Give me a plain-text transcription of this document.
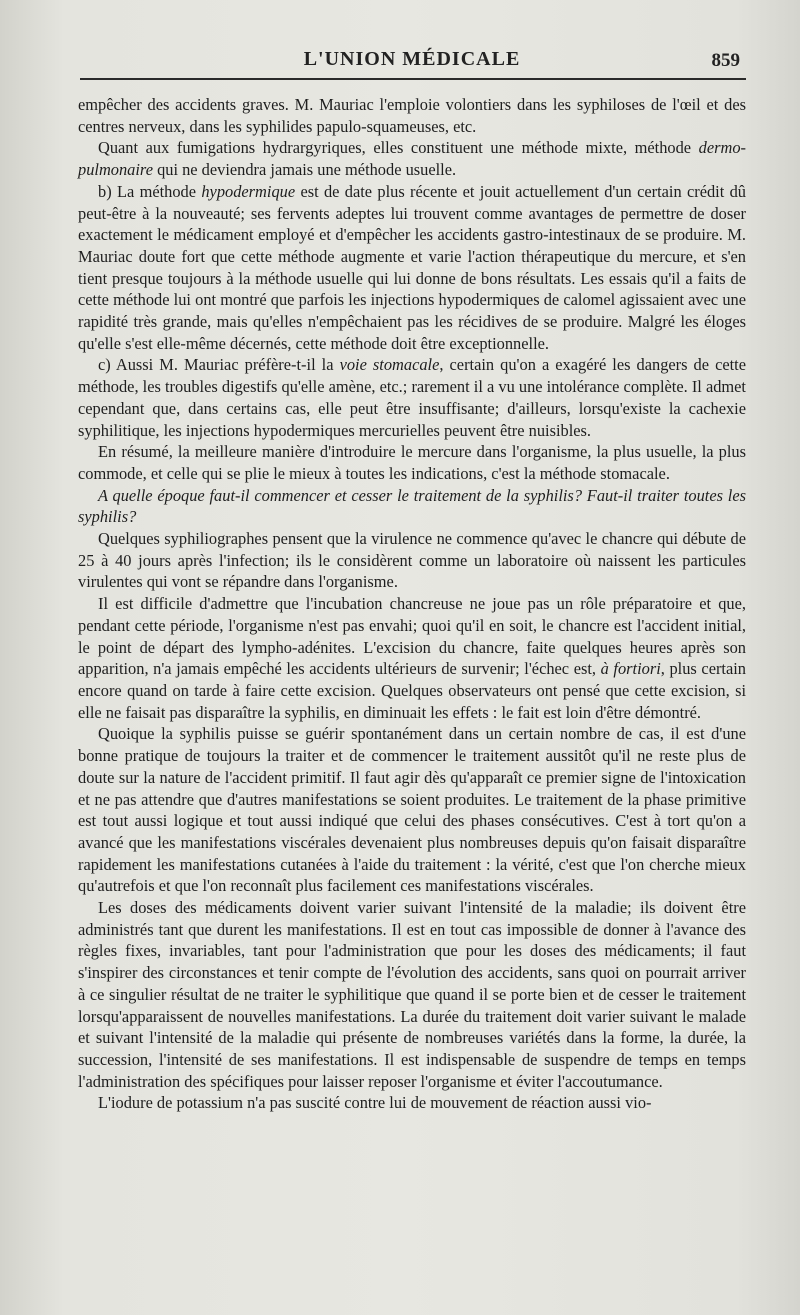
L'UNION MÉDICALE	859

empêcher des accidents graves. M. Mauriac l'emploie volontiers dans les syphiloses de l'œil et des centres nerveux, dans les syphilides papulo-squameuses, etc.

Quant aux fumigations hydrargyriques, elles constituent une méthode mixte, méthode dermo-pulmonaire qui ne deviendra jamais une méthode usuelle.

b) La méthode hypodermique est de date plus récente et jouit actuellement d'un certain crédit dû peut-être à la nouveauté; ses fervents adeptes lui trouvent comme avantages de permettre de doser exactement le médicament employé et d'empêcher les accidents gastro-intestinaux de se produire. M. Mauriac doute fort que cette méthode augmente et varie l'action thérapeutique du mercure, et s'en tient presque toujours à la méthode usuelle qui lui donne de bons résultats. Les essais qu'il a faits de cette méthode lui ont montré que parfois les injections hypodermiques de calomel agissaient avec une rapidité très grande, mais qu'elles n'empêchaient pas les récidives de se produire. Malgré les éloges qu'elle s'est elle-même décernés, cette méthode doit être exceptionnelle.

c) Aussi M. Mauriac préfère-t-il la voie stomacale, certain qu'on a exagéré les dangers de cette méthode, les troubles digestifs qu'elle amène, etc.; rarement il a vu une intolérance complète. Il admet cependant que, dans certains cas, elle peut être insuffisante; d'ailleurs, lorsqu'existe la cachexie syphilitique, les injections hypodermiques mercurielles peuvent être nuisibles.

En résumé, la meilleure manière d'introduire le mercure dans l'organisme, la plus usuelle, la plus commode, et celle qui se plie le mieux à toutes les indications, c'est la méthode stomacale.

A quelle époque faut-il commencer et cesser le traitement de la syphilis? Faut-il traiter toutes les syphilis?

Quelques syphiliographes pensent que la virulence ne commence qu'avec le chancre qui débute de 25 à 40 jours après l'infection; ils le considèrent comme un laboratoire où naissent les particules virulentes qui vont se répandre dans l'organisme.

Il est difficile d'admettre que l'incubation chancreuse ne joue pas un rôle préparatoire et que, pendant cette période, l'organisme n'est pas envahi; quoi qu'il en soit, le chancre est l'accident initial, le point de départ des lympho-adénites. L'excision du chancre, faite quelques heures après son apparition, n'a jamais empêché les accidents ultérieurs de survenir; l'échec est, à fortiori, plus certain encore quand on tarde à faire cette excision. Quelques observateurs ont pensé que cette excision, si elle ne faisait pas disparaître la syphilis, en diminuait les effets : le fait est loin d'être démontré.

Quoique la syphilis puisse se guérir spontanément dans un certain nombre de cas, il est d'une bonne pratique de toujours la traiter et de commencer le traitement aussitôt qu'il ne reste plus de doute sur la nature de l'accident primitif. Il faut agir dès qu'apparaît ce premier signe de l'intoxication et ne pas attendre que d'autres manifestations se soient produites. Le traitement de la phase primitive est tout aussi logique et tout aussi indiqué que celui des phases consécutives. C'est à tort qu'on a avancé que les manifestations viscérales devenaient plus nombreuses depuis qu'on faisait disparaître rapidement les manifestations cutanées à l'aide du traitement : la vérité, c'est que l'on cherche mieux qu'autrefois et que l'on reconnaît plus facilement ces manifestations viscérales.

Les doses des médicaments doivent varier suivant l'intensité de la maladie; ils doivent être administrés tant que durent les manifestations. Il est en tout cas impossible de donner à l'avance des règles fixes, invariables, tant pour l'administration que pour les doses des médicaments; il faut s'inspirer des circonstances et tenir compte de l'évolution des accidents, sans quoi on pourrait arriver à ce singulier résultat de ne traiter le syphilitique que quand il se porte bien et de cesser le traitement lorsqu'apparaissent de nouvelles manifestations. La durée du traitement doit varier suivant le malade et suivant l'intensité de la maladie qui présente de nombreuses variétés dans la forme, la durée, la succession, l'intensité de ses manifestations. Il est indispensable de suspendre de temps en temps l'administration des spécifiques pour laisser reposer l'organisme et éviter l'accoutumance.

L'iodure de potassium n'a pas suscité contre lui de mouvement de réaction aussi vio-
